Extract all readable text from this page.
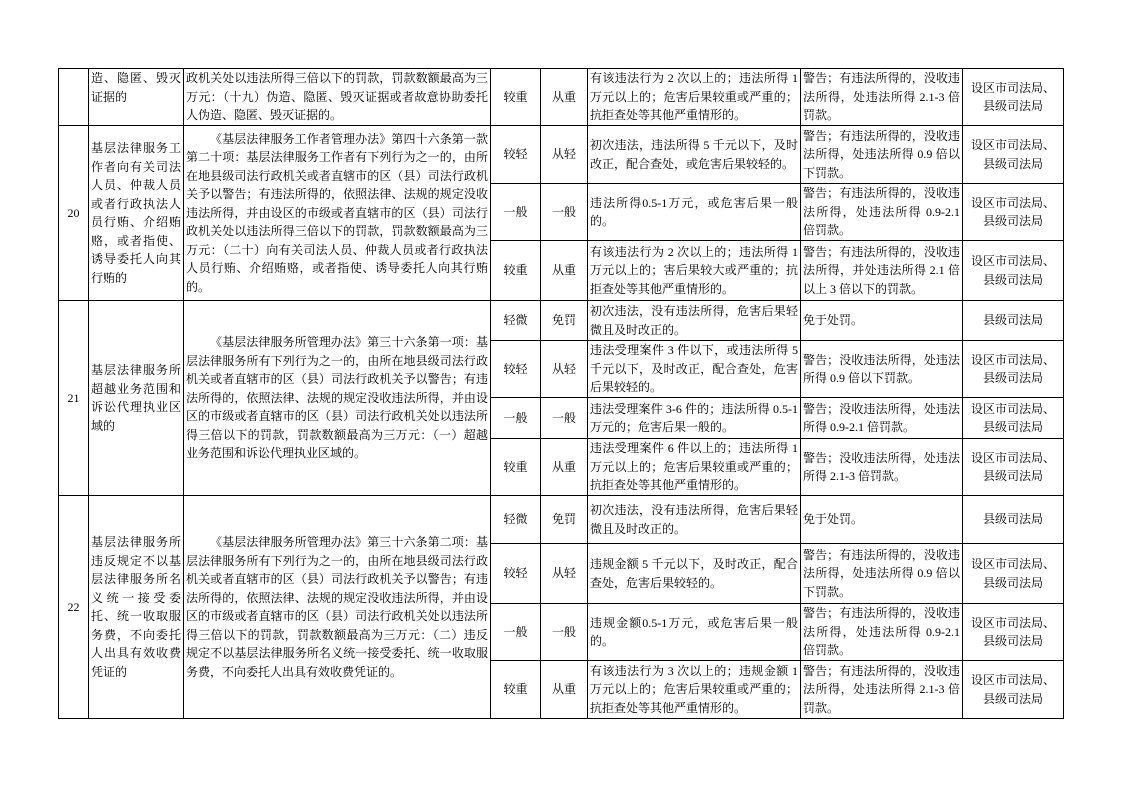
	造、隐匿、毁灭证据的	政机关处以违法所得三倍以下的罚款，罚款数额最高为三万元：（十九）伪造、隐匿、毁灭证据或者故意协助委托人伪造、隐匿、毁灭证据的。	较重	从重	有该违法行为 2 次以上的；违法所得 1 万元以上的；危害后果较重或严重的；抗拒查处等其他严重情形的。	警告；有违法所得的，没收违法所得，处违法所得 2.1-3 倍罚款。	设区市司法局、县级司法局
20	基层法律服务工作者向有关司法人员、仲裁人员或者行政执法人员行贿、介绍贿赂，或者指使、诱导委托人向其行贿的	《基层法律服务工作者管理办法》第四十六条第一款第二十项：基层法律服务工作者有下列行为之一的，由所在地县级司法行政机关或者直辖市的区（县）司法行政机关予以警告；有违法所得的，依照法律、法规的规定没收违法所得，并由设区的市级或者直辖市的区（县）司法行政机关处以违法所得三倍以下的罚款，罚款数额最高为三万元：（二十）向有关司法人员、仲裁人员或者行政执法人员行贿、介绍贿赂，或者指使、诱导委托人向其行贿的。	较轻	从轻	初次违法，违法所得 5 千元以下，及时改正，配合查处，或危害后果较轻的。	警告；有违法所得的，没收违法所得，处违法所得 0.9 倍以下罚款。	设区市司法局、县级司法局
			一般	一般	违法所得0.5-1万元，或危害后果一般的。	警告；有违法所得的，没收违法所得，处违法所得 0.9-2.1 倍罚款。	设区市司法局、县级司法局
			较重	从重	有该违法行为 2 次以上的；违法所得 1 万元以上的；害后果较大或严重的；抗拒查处等其他严重情形的。	警告；有违法所得的，没收违法所得，并处违法所得 2.1 倍以上 3 倍以下的罚款。	设区市司法局、县级司法局
21	基层法律服务所超越业务范围和诉讼代理执业区域的	《基层法律服务所管理办法》第三十六条第一项：基层法律服务所有下列行为之一的，由所在地县级司法行政机关或者直辖市的区（县）司法行政机关予以警告；有违法所得的，依照法律、法规的规定没收违法所得，并由设区的市级或者直辖市的区（县）司法行政机关处以违法所得三倍以下的罚款，罚款数额最高为三万元：（一）超越业务范围和诉讼代理执业区域的。	轻微	免罚	初次违法，没有违法所得，危害后果轻微且及时改正的。	免于处罚。	县级司法局
			较轻	从轻	违法受理案件 3 件以下，或违法所得 5 千元以下，及时改正，配合查处，危害后果较轻的。	警告；没收违法所得，处违法所得 0.9 倍以下罚款。	设区市司法局、县级司法局
			一般	一般	违法受理案件 3-6 件的；违法所得 0.5-1 万元的；危害后果一般的。	警告；没收违法所得，处违法所得 0.9-2.1 倍罚款。	设区市司法局、县级司法局
			较重	从重	违法受理案件 6 件以上的；违法所得 1 万元以上的；危害后果较重或严重的；抗拒查处等其他严重情形的。	警告；没收违法所得，处违法所得 2.1-3 倍罚款。	设区市司法局、县级司法局
22	基层法律服务所违反规定不以基层法律服务所名义统一接受委托、统一收取服务费，不向委托人出具有效收费凭证的	《基层法律服务所管理办法》第三十六条第二项：基层法律服务所有下列行为之一的，由所在地县级司法行政机关或者直辖市的区（县）司法行政机关予以警告；有违法所得的，依照法律、法规的规定没收违法所得，并由设区的市级或者直辖市的区（县）司法行政机关处以违法所得三倍以下的罚款，罚款数额最高为三万元：（二）违反规定不以基层法律服务所名义统一接受委托、统一收取服务费，不向委托人出具有效收费凭证的。	轻微	免罚	初次违法，没有违法所得，危害后果轻微且及时改正的。	免于处罚。	县级司法局
			较轻	从轻	违规金额 5 千元以下，及时改正，配合查处，危害后果较轻的。	警告；有违法所得的，没收违法所得，处违法所得 0.9 倍以下罚款。	设区市司法局、县级司法局
			一般	一般	违规金额0.5-1万元，或危害后果一般的。	警告；有违法所得的，没收违法所得，处违法所得 0.9-2.1 倍罚款。	设区市司法局、县级司法局
			较重	从重	有该违法行为 3 次以上的；违规金额 1 万元以上的；危害后果较重或严重的；抗拒查处等其他严重情形的。	警告；有违法所得的，没收违法所得，处违法所得 2.1-3 倍罚款。	设区市司法局、县级司法局
